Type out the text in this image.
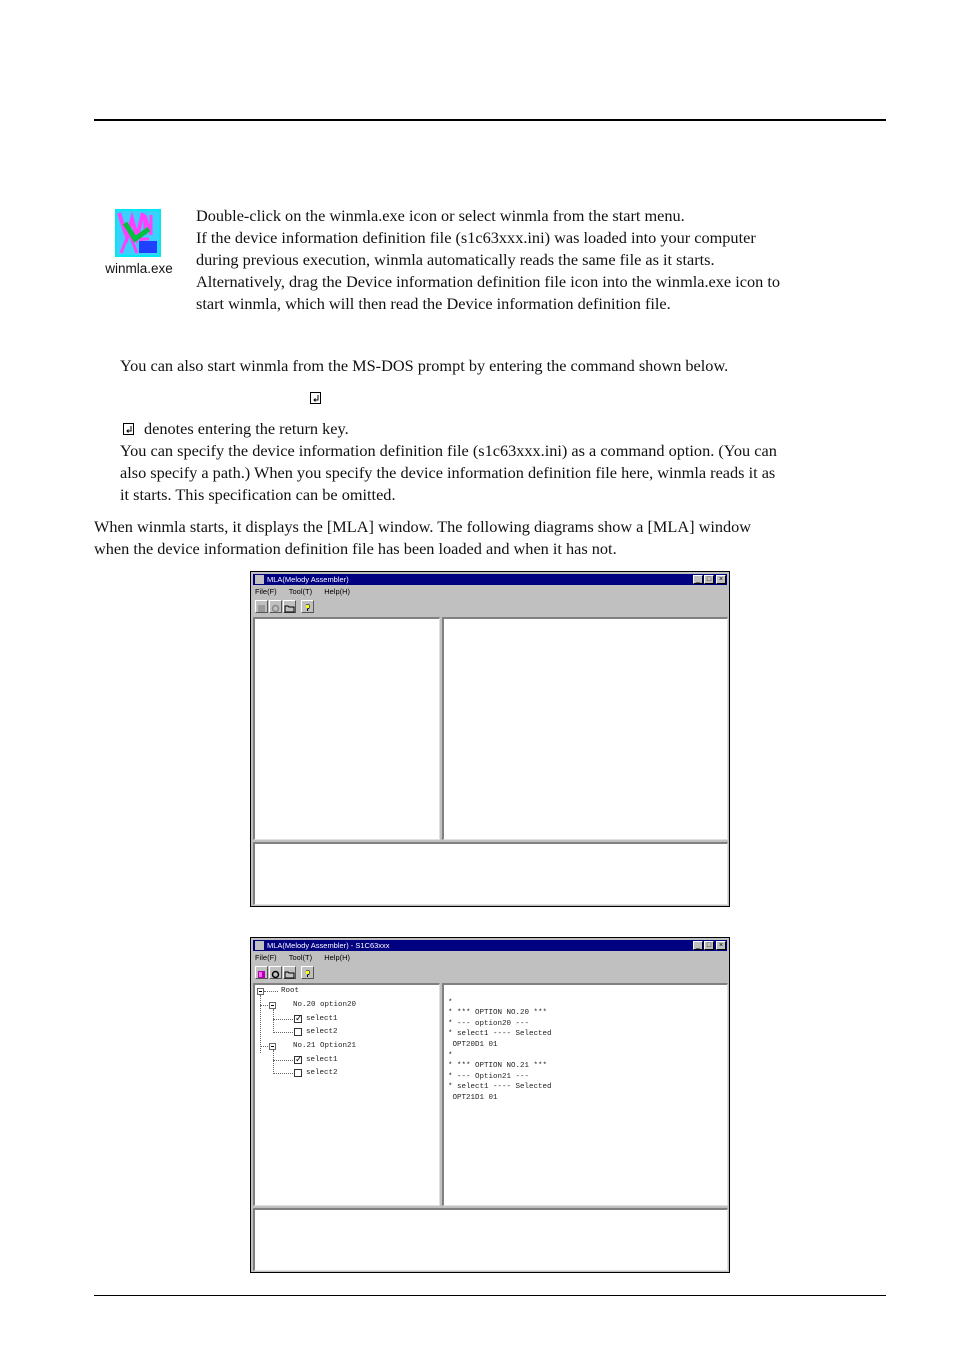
winmla.exe

Double-click on the winmla.exe icon or select winmla from the start menu.

If the device information definition file (s1c63xxx.ini) was loaded into your computer

during previous execution, winmla automatically reads the same file as it starts.

Alternatively, drag the Device information definition file icon into the winmla.exe icon to

start winmla, which will then read the Device information definition file.

You can also start winmla from the MS-DOS prompt by entering the command shown below.

denotes entering the return key.

You can specify the device information definition file (s1c63xxx.ini) as a command option. (You can

also specify a path.) When you specify the device information definition file here, winmla reads it as

it starts. This specification can be omitted.

When winmla starts, it displays the [MLA] window. The following diagrams show a [MLA] window

when the device information definition file has been loaded and when it has not.

MLA(Melody Assembler)	_ □	×
File(F) Tool(T) Help(H)
MLA(Melody Assembler) - S1C63xxx	_ □	×
File(F) Tool(T) Help(H)
Root
No.20 option20
✓
select1
select2
No.21 Option21
✓
select1
select2

*
* *** OPTION NO.20 ***
* --- option20 ---
* select1 ---- Selected
OPT20D1 01
*
* *** OPTION NO.21 ***
* --- Option21 ---
* select1 ---- Selected
OPT21D1 01
